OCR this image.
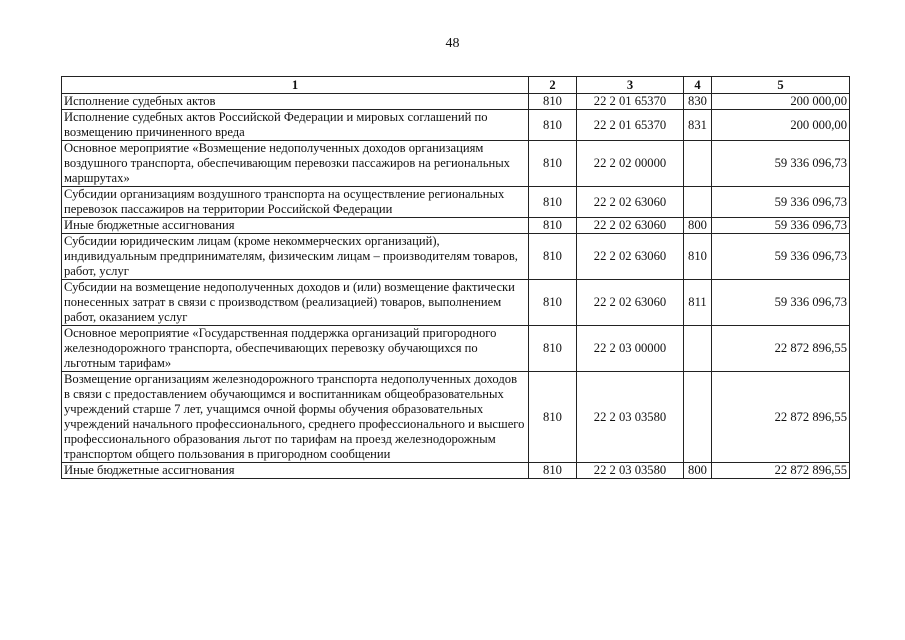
48
1	2	3	4	5
Исполнение судебных актов	810	22 2 01 65370	830	200 000,00
Исполнение судебных актов Российской Федерации и мировых соглашений по возмещению причиненного вреда	810	22 2 01 65370	831	200 000,00
Основное мероприятие «Возмещение недополученных доходов организациям воздушного транспорта, обеспечивающим перевозки пассажиров на региональных маршрутах»	810	22 2 02 00000		59 336 096,73
Субсидии организациям воздушного транспорта на осуществление региональных перевозок пассажиров на территории Российской Федерации	810	22 2 02 63060		59 336 096,73
Иные бюджетные ассигнования	810	22 2 02 63060	800	59 336 096,73
Субсидии юридическим лицам (кроме некоммерческих организаций), индивидуальным предпринимателям, физическим лицам – производителям товаров, работ, услуг	810	22 2 02 63060	810	59 336 096,73
Субсидии на возмещение недополученных доходов и (или) возмещение фактически понесенных затрат в связи с производством (реализацией) товаров, выполнением работ, оказанием услуг	810	22 2 02 63060	811	59 336 096,73
Основное мероприятие «Государственная поддержка организаций пригородного железнодорожного транспорта, обеспечивающих перевозку обучающихся по льготным тарифам»	810	22 2 03 00000		22 872 896,55
Возмещение организациям железнодорожного транспорта недополученных доходов в связи с предоставлением обучающимся и воспитанникам общеобразовательных учреждений старше 7 лет, учащимся очной формы обучения образовательных учреждений начального профессионального, среднего профессионального и высшего профессионального образования льгот по тарифам на проезд железнодорожным транспортом общего пользования в пригородном сообщении	810	22 2 03 03580		22 872 896,55
Иные бюджетные ассигнования	810	22 2 03 03580	800	22 872 896,55
